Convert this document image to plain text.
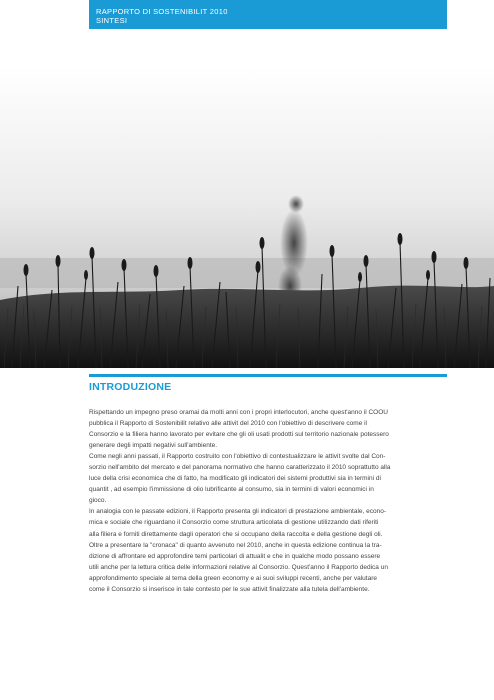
RAPPORTO DI SOSTENIBILIT 2010
SINTESI
INTRODUZIONE
Rispettando un impegno preso oramai da molti anni con i propri interlocutori, anche quest'anno il COOU
pubblica il Rapporto di Sostenibilit relativo alle attivit del 2010 con l'obiettivo di descrivere come il
Consorzio e la filiera hanno lavorato per evitare che gli oli usati prodotti sul territorio nazionale potessero
generare degli impatti negativi sull'ambiente.
Come negli anni passati, il Rapporto costruito con l'obiettivo di contestualizzare le attivit svolte dal Con-
sorzio nell'ambito del mercato e del panorama normativo che hanno caratterizzato il 2010 soprattutto alla
luce della crisi economica che di fatto, ha modificato gli indicatori dei sistemi produttivi sia in termini di
quantit , ad esempio l'immissione di olio lubrificante al consumo, sia in termini di valori economici in
gioco.
In analogia con le passate edizioni, il Rapporto presenta gli indicatori di prestazione ambientale, econo-
mica e sociale che riguardano il Consorzio come struttura articolata di gestione utilizzando dati riferiti
alla filiera e forniti direttamente dagli operatori che si occupano della raccolta e della gestione degli oli.
Oltre a presentare la "cronaca" di quanto avvenuto nel 2010, anche in questa edizione continua la tra-
dizione di affrontare ed approfondire temi particolari di attualit e che in qualche modo possano essere
utili anche per la lettura critica delle informazioni relative al Consorzio. Quest'anno il Rapporto dedica un
approfondimento speciale al tema della green economy e ai suoi sviluppi recenti, anche per valutare
come il Consorzio si inserisce in tale contesto per le sue attivit finalizzate alla tutela dell'ambiente.
